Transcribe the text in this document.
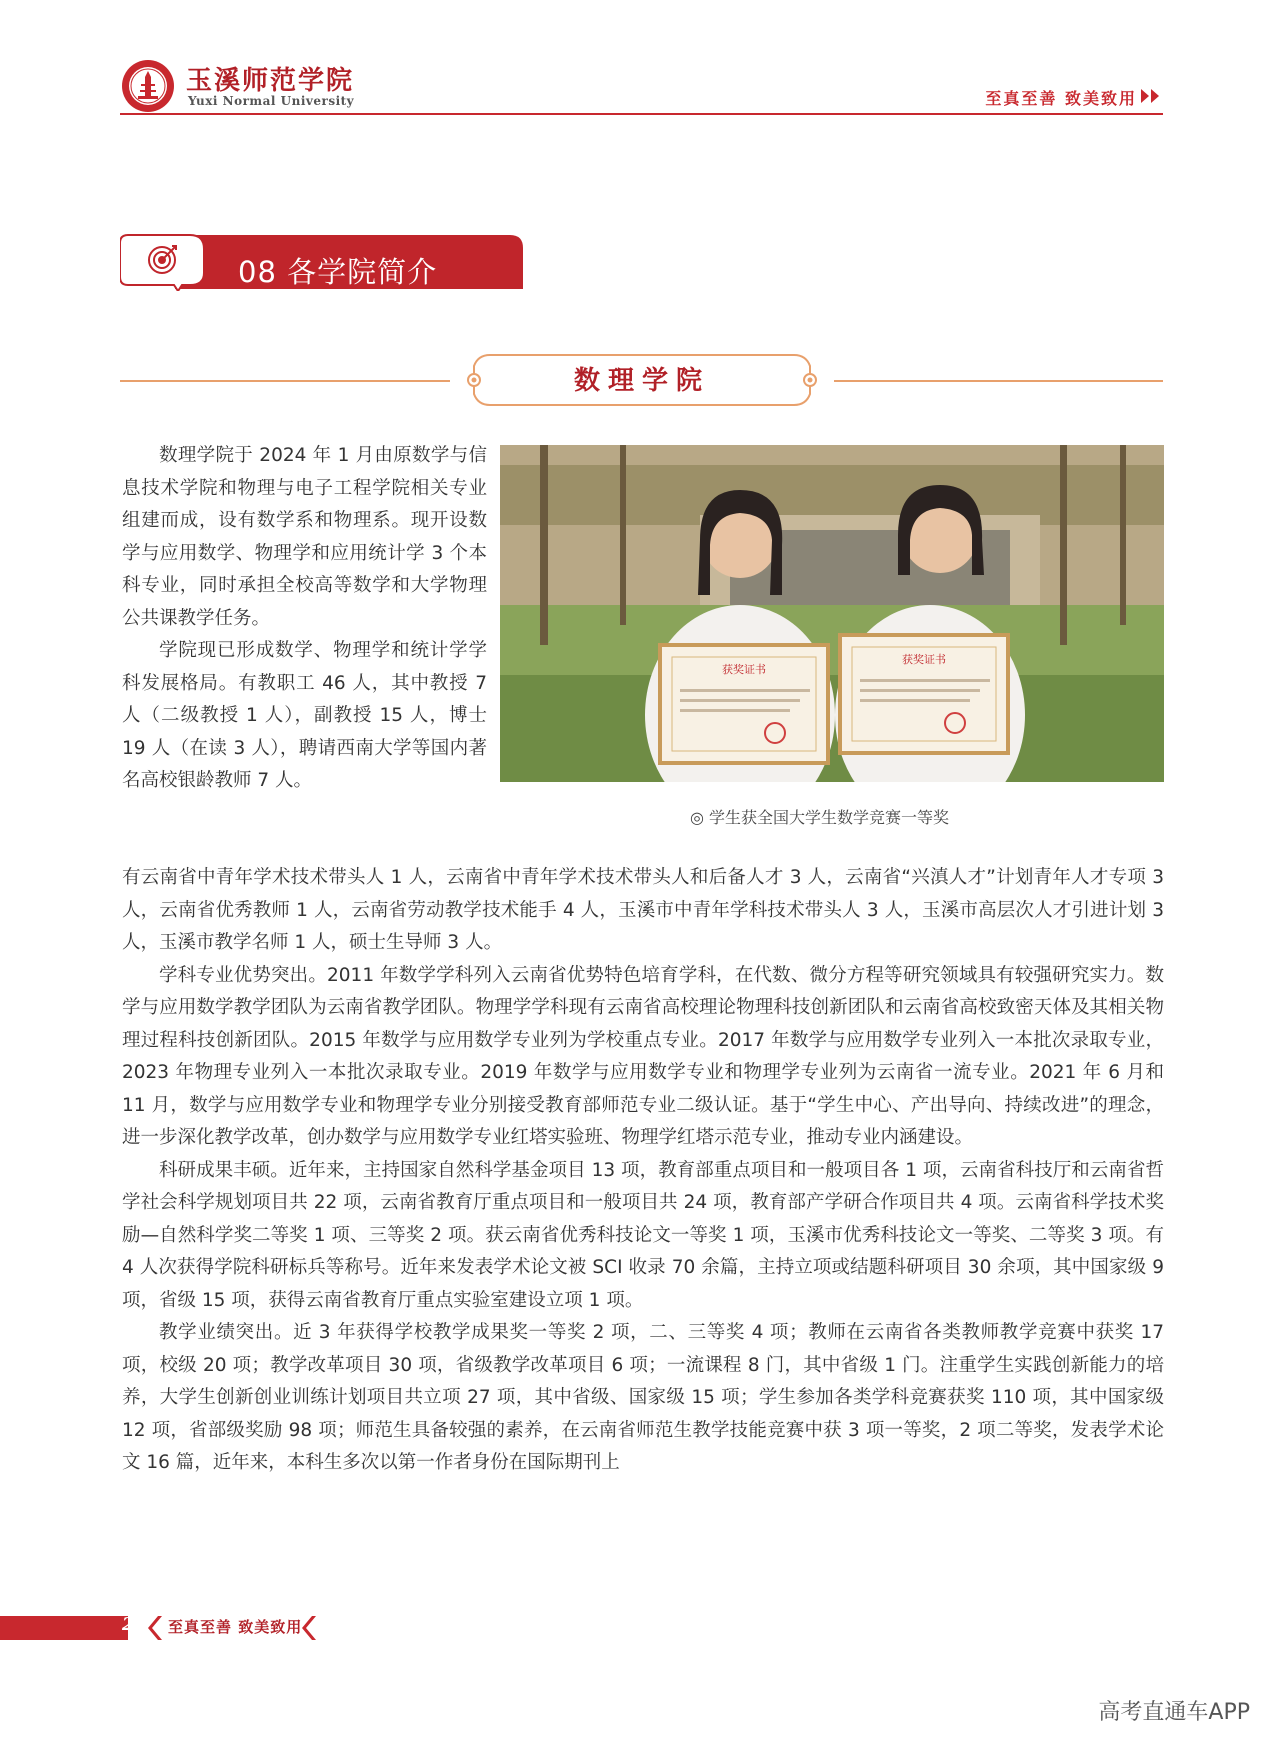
玉溪师范学院
Yuxi Normal University	至真至善 致美致用
08 各学院简介
数理学院
获奖证书
获奖证书
◎ 学生获全国大学生数学竞赛一等奖

数理学院于 2024 年 1 月由原数学与信息技术学院和物理与电子工程学院相关专业组建而成，设有数学系和物理系。现开设数学与应用数学、物理学和应用统计学 3 个本科专业，同时承担全校高等数学和大学物理公共课教学任务。

学院现已形成数学、物理学和统计学学科发展格局。有教职工 46 人，其中教授 7 人（二级教授 1 人），副教授 15 人，博士 19 人（在读 3 人），聘请西南大学等国内著名高校银龄教师 7 人。

有云南省中青年学术技术带头人 1 人，云南省中青年学术技术带头人和后备人才 3 人，云南省“兴滇人才”计划青年人才专项 3 人，云南省优秀教师 1 人，云南省劳动教学技术能手 4 人，玉溪市中青年学科技术带头人 3 人，玉溪市高层次人才引进计划 3 人，玉溪市教学名师 1 人，硕士生导师 3 人。

学科专业优势突出。2011 年数学学科列入云南省优势特色培育学科，在代数、微分方程等研究领域具有较强研究实力。数学与应用数学教学团队为云南省教学团队。物理学学科现有云南省高校理论物理科技创新团队和云南省高校致密天体及其相关物理过程科技创新团队。2015 年数学与应用数学专业列为学校重点专业。2017 年数学与应用数学专业列入一本批次录取专业，2023 年物理专业列入一本批次录取专业。2019 年数学与应用数学专业和物理学专业列为云南省一流专业。2021 年 6 月和 11 月，数学与应用数学专业和物理学专业分别接受教育部师范专业二级认证。基于“学生中心、产出导向、持续改进”的理念，进一步深化教学改革，创办数学与应用数学专业红塔实验班、物理学红塔示范专业，推动专业内涵建设。

科研成果丰硕。近年来，主持国家自然科学基金项目 13 项，教育部重点项目和一般项目各 1 项，云南省科技厅和云南省哲学社会科学规划项目共 22 项，云南省教育厅重点项目和一般项目共 24 项，教育部产学研合作项目共 4 项。云南省科学技术奖励—自然科学奖二等奖 1 项、三等奖 2 项。获云南省优秀科技论文一等奖 1 项，玉溪市优秀科技论文一等奖、二等奖 3 项。有 4 人次获得学院科研标兵等称号。近年来发表学术论文被 SCI 收录 70 余篇，主持立项或结题科研项目 30 余项，其中国家级 9 项，省级 15 项，获得云南省教育厅重点实验室建设立项 1 项。

教学业绩突出。近 3 年获得学校教学成果奖一等奖 2 项，二、三等奖 4 项；教师在云南省各类教师教学竞赛中获奖 17 项，校级 20 项；教学改革项目 30 项，省级教学改革项目 6 项；一流课程 8 门，其中省级 1 门。注重学生实践创新能力的培养，大学生创新创业训练计划项目共立项 27 项，其中省级、国家级 15 项；学生参加各类学科竞赛获奖 110 项，其中国家级 12 项，省部级奖励 98 项；师范生具备较强的素养，在云南省师范生教学技能竞赛中获 3 项一等奖，2 项二等奖，发表学术论文 16 篇，近年来，本科生多次以第一作者身份在国际期刊上

28 至真至善 致美致用
高考直通车APP
